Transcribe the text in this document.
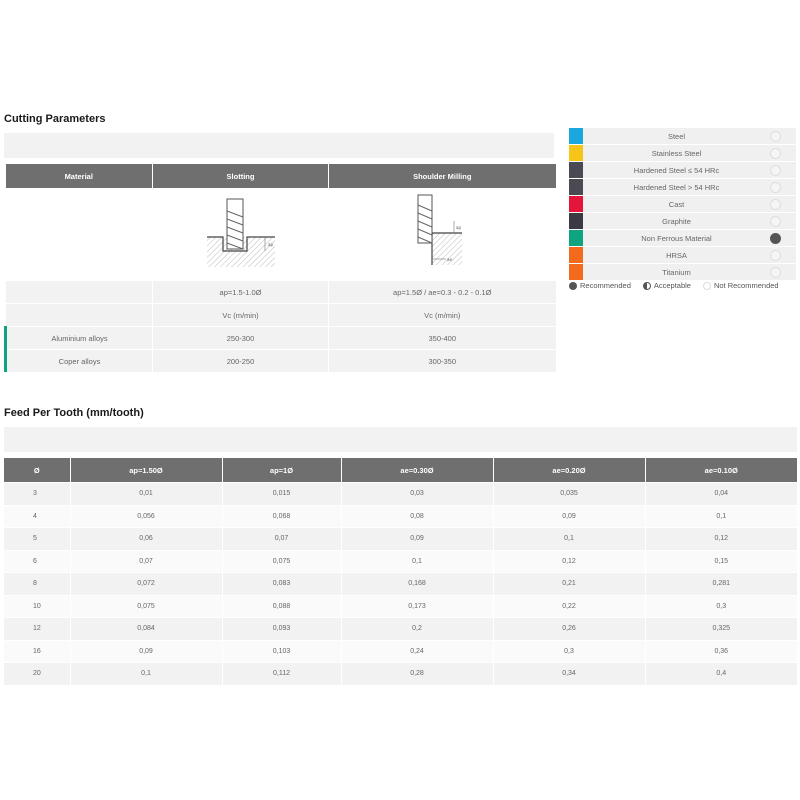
Cutting Parameters
Material	Slotting	Shoulder Milling

ap	ae
ap

	ap=1.5-1.0Ø	ap=1.5Ø / ae=0.3 - 0.2 - 0.1Ø
	Vc (m/min)	Vc (m/min)
Aluminium alloys	250-300	350-400
Coper alloys	200-250	300-350
Steel
Stainless Steel
Hardened Steel ≤ 54 HRc
Hardened Steel > 54 HRc
Cast
Graphite
Non Ferrous Material
HRSA
Titanium
Recommended	Acceptable	Not Recommended
Feed Per Tooth (mm/tooth)
Ø	ap=1.50Ø	ap=1Ø	ae=0.30Ø	ae=0.20Ø	ae=0.10Ø
3	0,01	0,015	0,03	0,035	0,04
4	0,056	0,068	0,08	0,09	0,1
5	0,06	0,07	0,09	0,1	0,12
6	0,07	0,075	0,1	0,12	0,15
8	0,072	0,083	0,168	0,21	0,281
10	0,075	0,088	0,173	0,22	0,3
12	0,084	0,093	0,2	0,26	0,325
16	0,09	0,103	0,24	0,3	0,36
20	0,1	0,112	0,28	0,34	0,4
